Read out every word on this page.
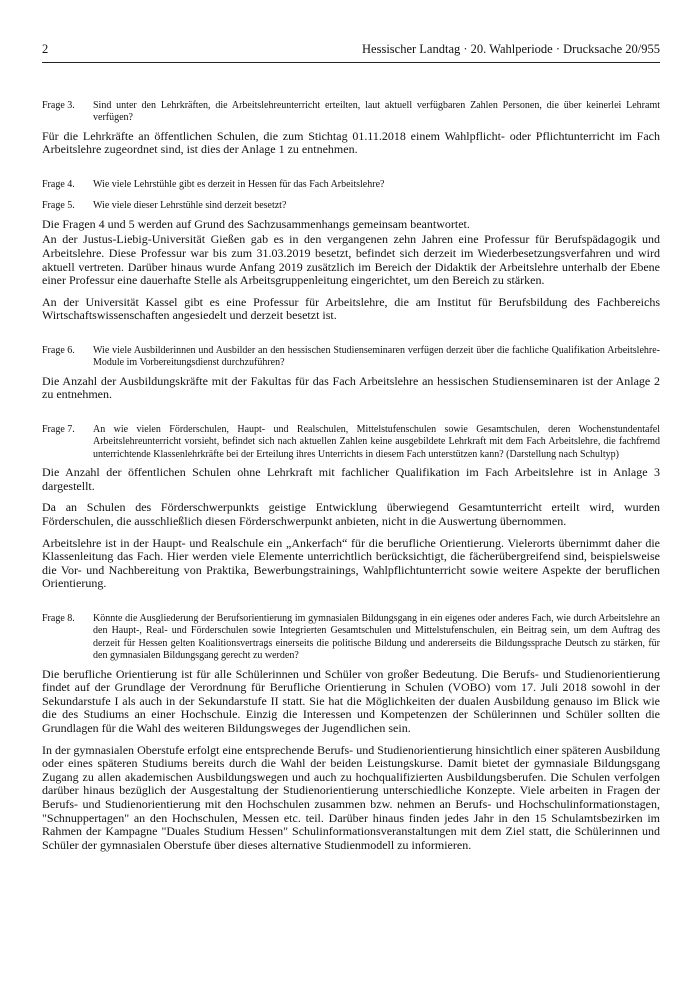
2	Hessischer Landtag · 20. Wahlperiode · Drucksache 20/955
Frage 3.	Sind unter den Lehrkräften, die Arbeitslehreunterricht erteilten, laut aktuell verfügbaren Zahlen Personen, die über keinerlei Lehramt verfügen?

Für die Lehrkräfte an öffentlichen Schulen, die zum Stichtag 01.11.2018 einem Wahlpflicht- oder Pflichtunterricht im Fach Arbeitslehre zugeordnet sind, ist dies der Anlage 1 zu entnehmen.

Frage 4.	Wie viele Lehrstühle gibt es derzeit in Hessen für das Fach Arbeitslehre?
Frage 5.	Wie viele dieser Lehrstühle sind derzeit besetzt?

Die Fragen 4 und 5 werden auf Grund des Sachzusammenhangs gemeinsam beantwortet.

An der Justus-Liebig-Universität Gießen gab es in den vergangenen zehn Jahren eine Professur für Berufspädagogik und Arbeitslehre. Diese Professur war bis zum 31.03.2019 besetzt, befindet sich derzeit im Wiederbesetzungsverfahren und wird aktuell vertreten. Darüber hinaus wurde Anfang 2019 zusätzlich im Bereich der Didaktik der Arbeitslehre unterhalb der Ebene einer Professur eine dauerhafte Stelle als Arbeitsgruppenleitung eingerichtet, um den Bereich zu stärken.

An der Universität Kassel gibt es eine Professur für Arbeitslehre, die am Institut für Berufsbildung des Fachbereichs Wirtschaftswissenschaften angesiedelt und derzeit besetzt ist.

Frage 6.	Wie viele Ausbilderinnen und Ausbilder an den hessischen Studienseminaren verfügen derzeit über die fachliche Qualifikation Arbeitslehre-Module im Vorbereitungsdienst durchzuführen?

Die Anzahl der Ausbildungskräfte mit der Fakultas für das Fach Arbeitslehre an hessischen Studienseminaren ist der Anlage 2 zu entnehmen.

Frage 7.	An wie vielen Förderschulen, Haupt- und Realschulen, Mittelstufenschulen sowie Gesamtschulen, deren Wochenstundentafel Arbeitslehreunterricht vorsieht, befindet sich nach aktuellen Zahlen keine ausgebildete Lehrkraft mit dem Fach Arbeitslehre, die fachfremd unterrichtende Klassenlehrkräfte bei der Erteilung ihres Unterrichts in diesem Fach unterstützen kann? (Darstellung nach Schultyp)

Die Anzahl der öffentlichen Schulen ohne Lehrkraft mit fachlicher Qualifikation im Fach Arbeitslehre ist in Anlage 3 dargestellt.

Da an Schulen des Förderschwerpunkts geistige Entwicklung überwiegend Gesamtunterricht erteilt wird, wurden Förderschulen, die ausschließlich diesen Förderschwerpunkt anbieten, nicht in die Auswertung übernommen.

Arbeitslehre ist in der Haupt- und Realschule ein „Ankerfach“ für die berufliche Orientierung. Vielerorts übernimmt daher die Klassenleitung das Fach. Hier werden viele Elemente unterrichtlich berücksichtigt, die fächerübergreifend sind, beispielsweise die Vor- und Nachbereitung von Praktika, Bewerbungstrainings, Wahlpflichtunterricht sowie weitere Aspekte der beruflichen Orientierung.

Frage 8.	Könnte die Ausgliederung der Berufsorientierung im gymnasialen Bildungsgang in ein eigenes oder anderes Fach, wie durch Arbeitslehre an den Haupt-, Real- und Förderschulen sowie Integrierten Gesamtschulen und Mittelstufenschulen, ein Beitrag sein, um dem Auftrag des derzeit für Hessen gelten Koalitionsvertrags einerseits die politische Bildung und andererseits die Bildungssprache Deutsch zu stärken, für den gymnasialen Bildungsgang gerecht zu werden?

Die berufliche Orientierung ist für alle Schülerinnen und Schüler von großer Bedeutung. Die Berufs- und Studienorientierung findet auf der Grundlage der Verordnung für Berufliche Orientierung in Schulen (VOBO) vom 17. Juli 2018 sowohl in der Sekundarstufe I als auch in der Sekundarstufe II statt. Sie hat die Möglichkeiten der dualen Ausbildung genauso im Blick wie die des Studiums an einer Hochschule. Einzig die Interessen und Kompetenzen der Schülerinnen und Schüler sollten die Grundlagen für die Wahl des weiteren Bildungsweges der Jugendlichen sein.

In der gymnasialen Oberstufe erfolgt eine entsprechende Berufs- und Studienorientierung hinsichtlich einer späteren Ausbildung oder eines späteren Studiums bereits durch die Wahl der beiden Leistungskurse. Damit bietet der gymnasiale Bildungsgang Zugang zu allen akademischen Ausbildungswegen und auch zu hochqualifizierten Ausbildungsberufen. Die Schulen verfolgen darüber hinaus bezüglich der Ausgestaltung der Studienorientierung unterschiedliche Konzepte. Viele arbeiten in Fragen der Berufs- und Studienorientierung mit den Hochschulen zusammen bzw. nehmen an Berufs- und Hochschulinformationstagen, "Schnuppertagen" an den Hochschulen, Messen etc. teil. Darüber hinaus finden jedes Jahr in den 15 Schulamtsbezirken im Rahmen der Kampagne "Duales Studium Hessen" Schulinformationsveranstaltungen mit dem Ziel statt, die Schülerinnen und Schüler der gymnasialen Oberstufe über dieses alternative Studienmodell zu informieren.
